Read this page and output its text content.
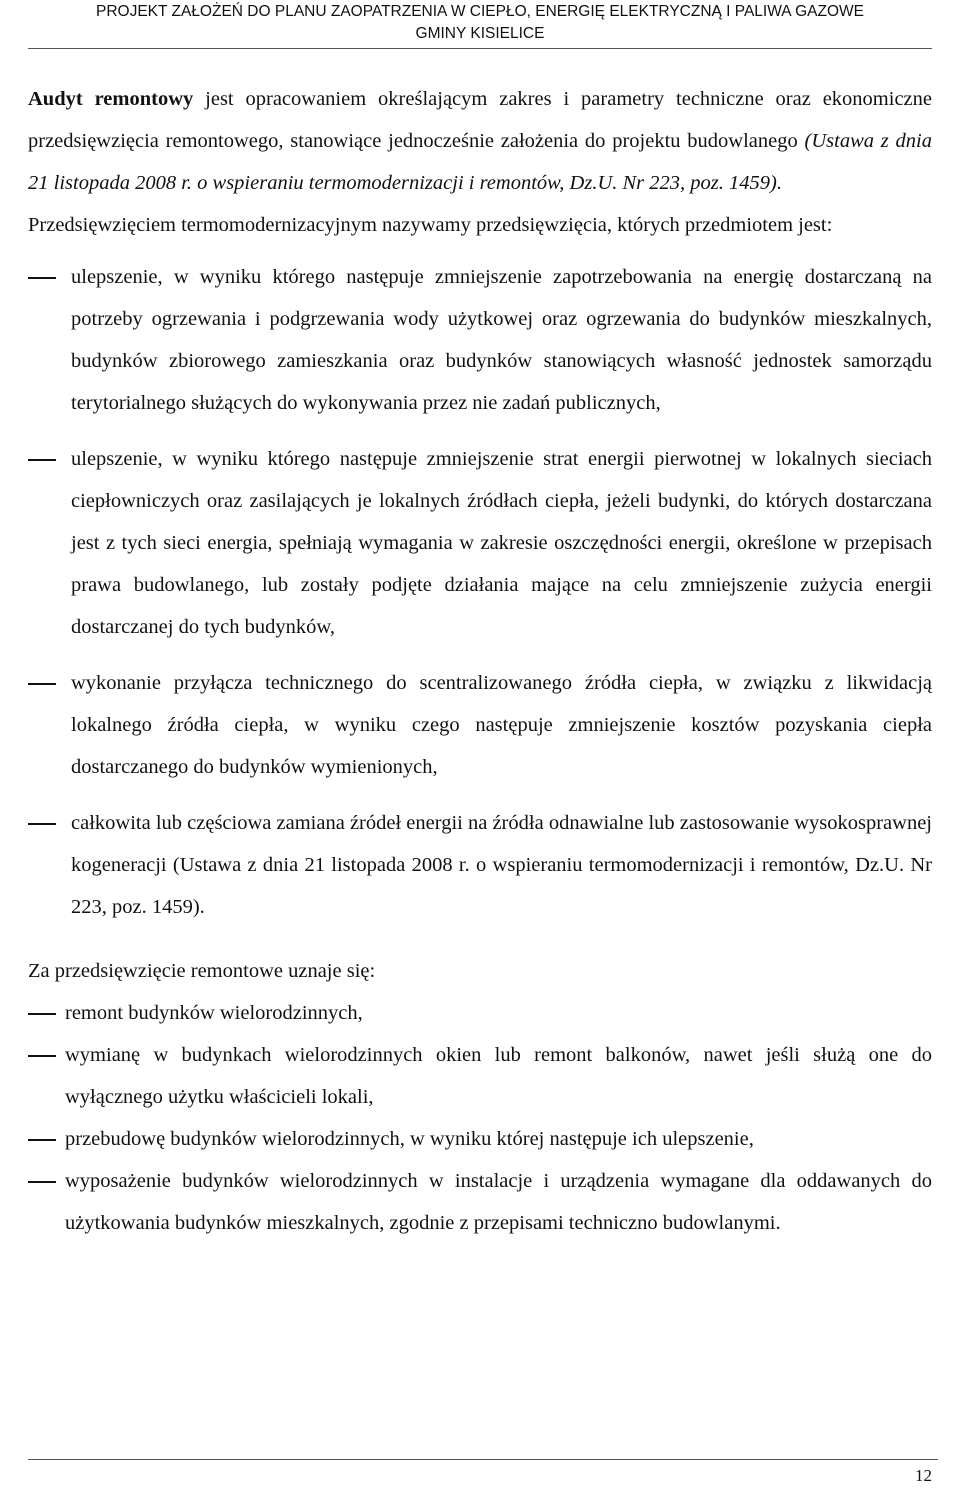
PROJEKT ZAŁOŻEŃ DO PLANU ZAOPATRZENIA W CIEPŁO, ENERGIĘ ELEKTRYCZNĄ I PALIWA GAZOWE
GMINY KISIELICE

Audyt remontowy jest opracowaniem określającym zakres i parametry techniczne oraz ekonomiczne przedsięwzięcia remontowego, stanowiące jednocześnie założenia do projektu budowlanego (Ustawa z dnia 21 listopada 2008 r. o wspieraniu termomodernizacji i remontów, Dz.U. Nr 223, poz. 1459).

Przedsięwzięciem termomodernizacyjnym nazywamy przedsięwzięcia, których przedmiotem jest:

ulepszenie, w wyniku którego następuje zmniejszenie zapotrzebowania na energię dostarczaną na potrzeby ogrzewania i podgrzewania wody użytkowej oraz ogrzewania do budynków mieszkalnych, budynków zbiorowego zamieszkania oraz budynków stanowiących własność jednostek samorządu terytorialnego służących do wykonywania przez nie zadań publicznych,
ulepszenie, w wyniku którego następuje zmniejszenie strat energii pierwotnej w lokalnych sieciach ciepłowniczych oraz zasilających je lokalnych źródłach ciepła, jeżeli budynki, do których dostarczana jest z tych sieci energia, spełniają wymagania w zakresie oszczędności energii, określone w przepisach prawa budowlanego, lub zostały podjęte działania mające na celu zmniejszenie zużycia energii dostarczanej do tych budynków,
wykonanie przyłącza technicznego do scentralizowanego źródła ciepła, w związku z likwidacją lokalnego źródła ciepła, w wyniku czego następuje zmniejszenie kosztów pozyskania ciepła dostarczanego do budynków wymienionych,
całkowita lub częściowa zamiana źródeł energii na źródła odnawialne lub zastosowanie wysokosprawnej kogeneracji (Ustawa z dnia 21 listopada 2008 r. o wspieraniu termomodernizacji i remontów, Dz.U. Nr 223, poz. 1459).

Za przedsięwzięcie remontowe uznaje się:

remont budynków wielorodzinnych,
wymianę w budynkach wielorodzinnych okien lub remont balkonów, nawet jeśli służą one do wyłącznego użytku właścicieli lokali,
przebudowę budynków wielorodzinnych, w wyniku której następuje ich ulepszenie,
wyposażenie budynków wielorodzinnych w instalacje i urządzenia wymagane dla oddawanych do użytkowania budynków mieszkalnych, zgodnie z przepisami techniczno budowlanymi.
12
